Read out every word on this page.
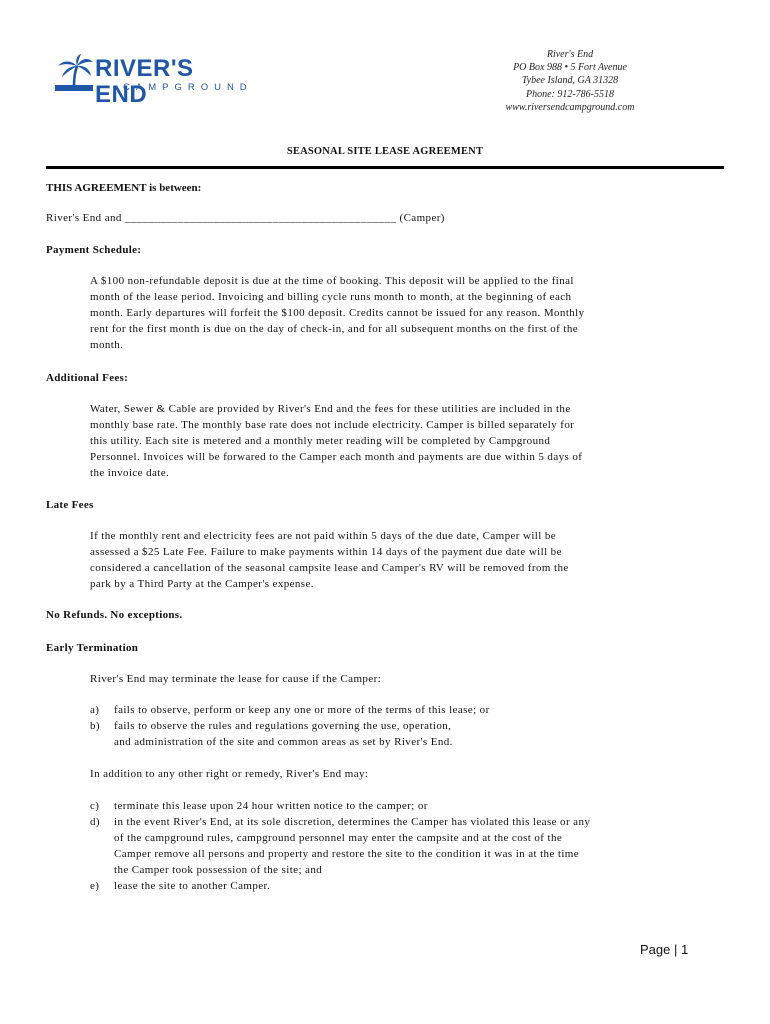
RIVER'S END
CAMPGROUND
River's End
PO Box 988 • 5 Fort Avenue
Tybee Island, GA 31328
Phone: 912-786-5518
www.riversendcampground.com
SEASONAL SITE LEASE AGREEMENT
THIS AGREEMENT is between:
River's End and ______________________________________________ (Camper)
Payment Schedule:
A $100 non-refundable deposit is due at the time of booking. This deposit will be applied to the final
month of the lease period. Invoicing and billing cycle runs month to month, at the beginning of each
month. Early departures will forfeit the $100 deposit. Credits cannot be issued for any reason. Monthly
rent for the first month is due on the day of check-in, and for all subsequent months on the first of the
month.
Additional Fees:
Water, Sewer & Cable are provided by River's End and the fees for these utilities are included in the
monthly base rate. The monthly base rate does not include electricity. Camper is billed separately for
this utility. Each site is metered and a monthly meter reading will be completed by Campground
Personnel. Invoices will be forwared to the Camper each month and payments are due within 5 days of
the invoice date.
Late Fees
If the monthly rent and electricity fees are not paid within 5 days of the due date, Camper will be
assessed a $25 Late Fee. Failure to make payments within 14 days of the payment due date will be
considered a cancellation of the seasonal campsite lease and Camper's RV will be removed from the
park by a Third Party at the Camper's expense.
No Refunds. No exceptions.
Early Termination
River's End may terminate the lease for cause if the Camper:
a) fails to observe, perform or keep any one or more of the terms of this lease; or
b) fails to observe the rules and regulations governing the use, operation,
and administration of the site and common areas as set by River's End.
In addition to any other right or remedy, River's End may:
c) terminate this lease upon 24 hour written notice to the camper; or
d) in the event River's End, at its sole discretion, determines the Camper has violated this lease or any
of the campground rules, campground personnel may enter the campsite and at the cost of the
Camper remove all persons and property and restore the site to the condition it was in at the time
the Camper took possession of the site; and
e) lease the site to another Camper.
Page | 1
